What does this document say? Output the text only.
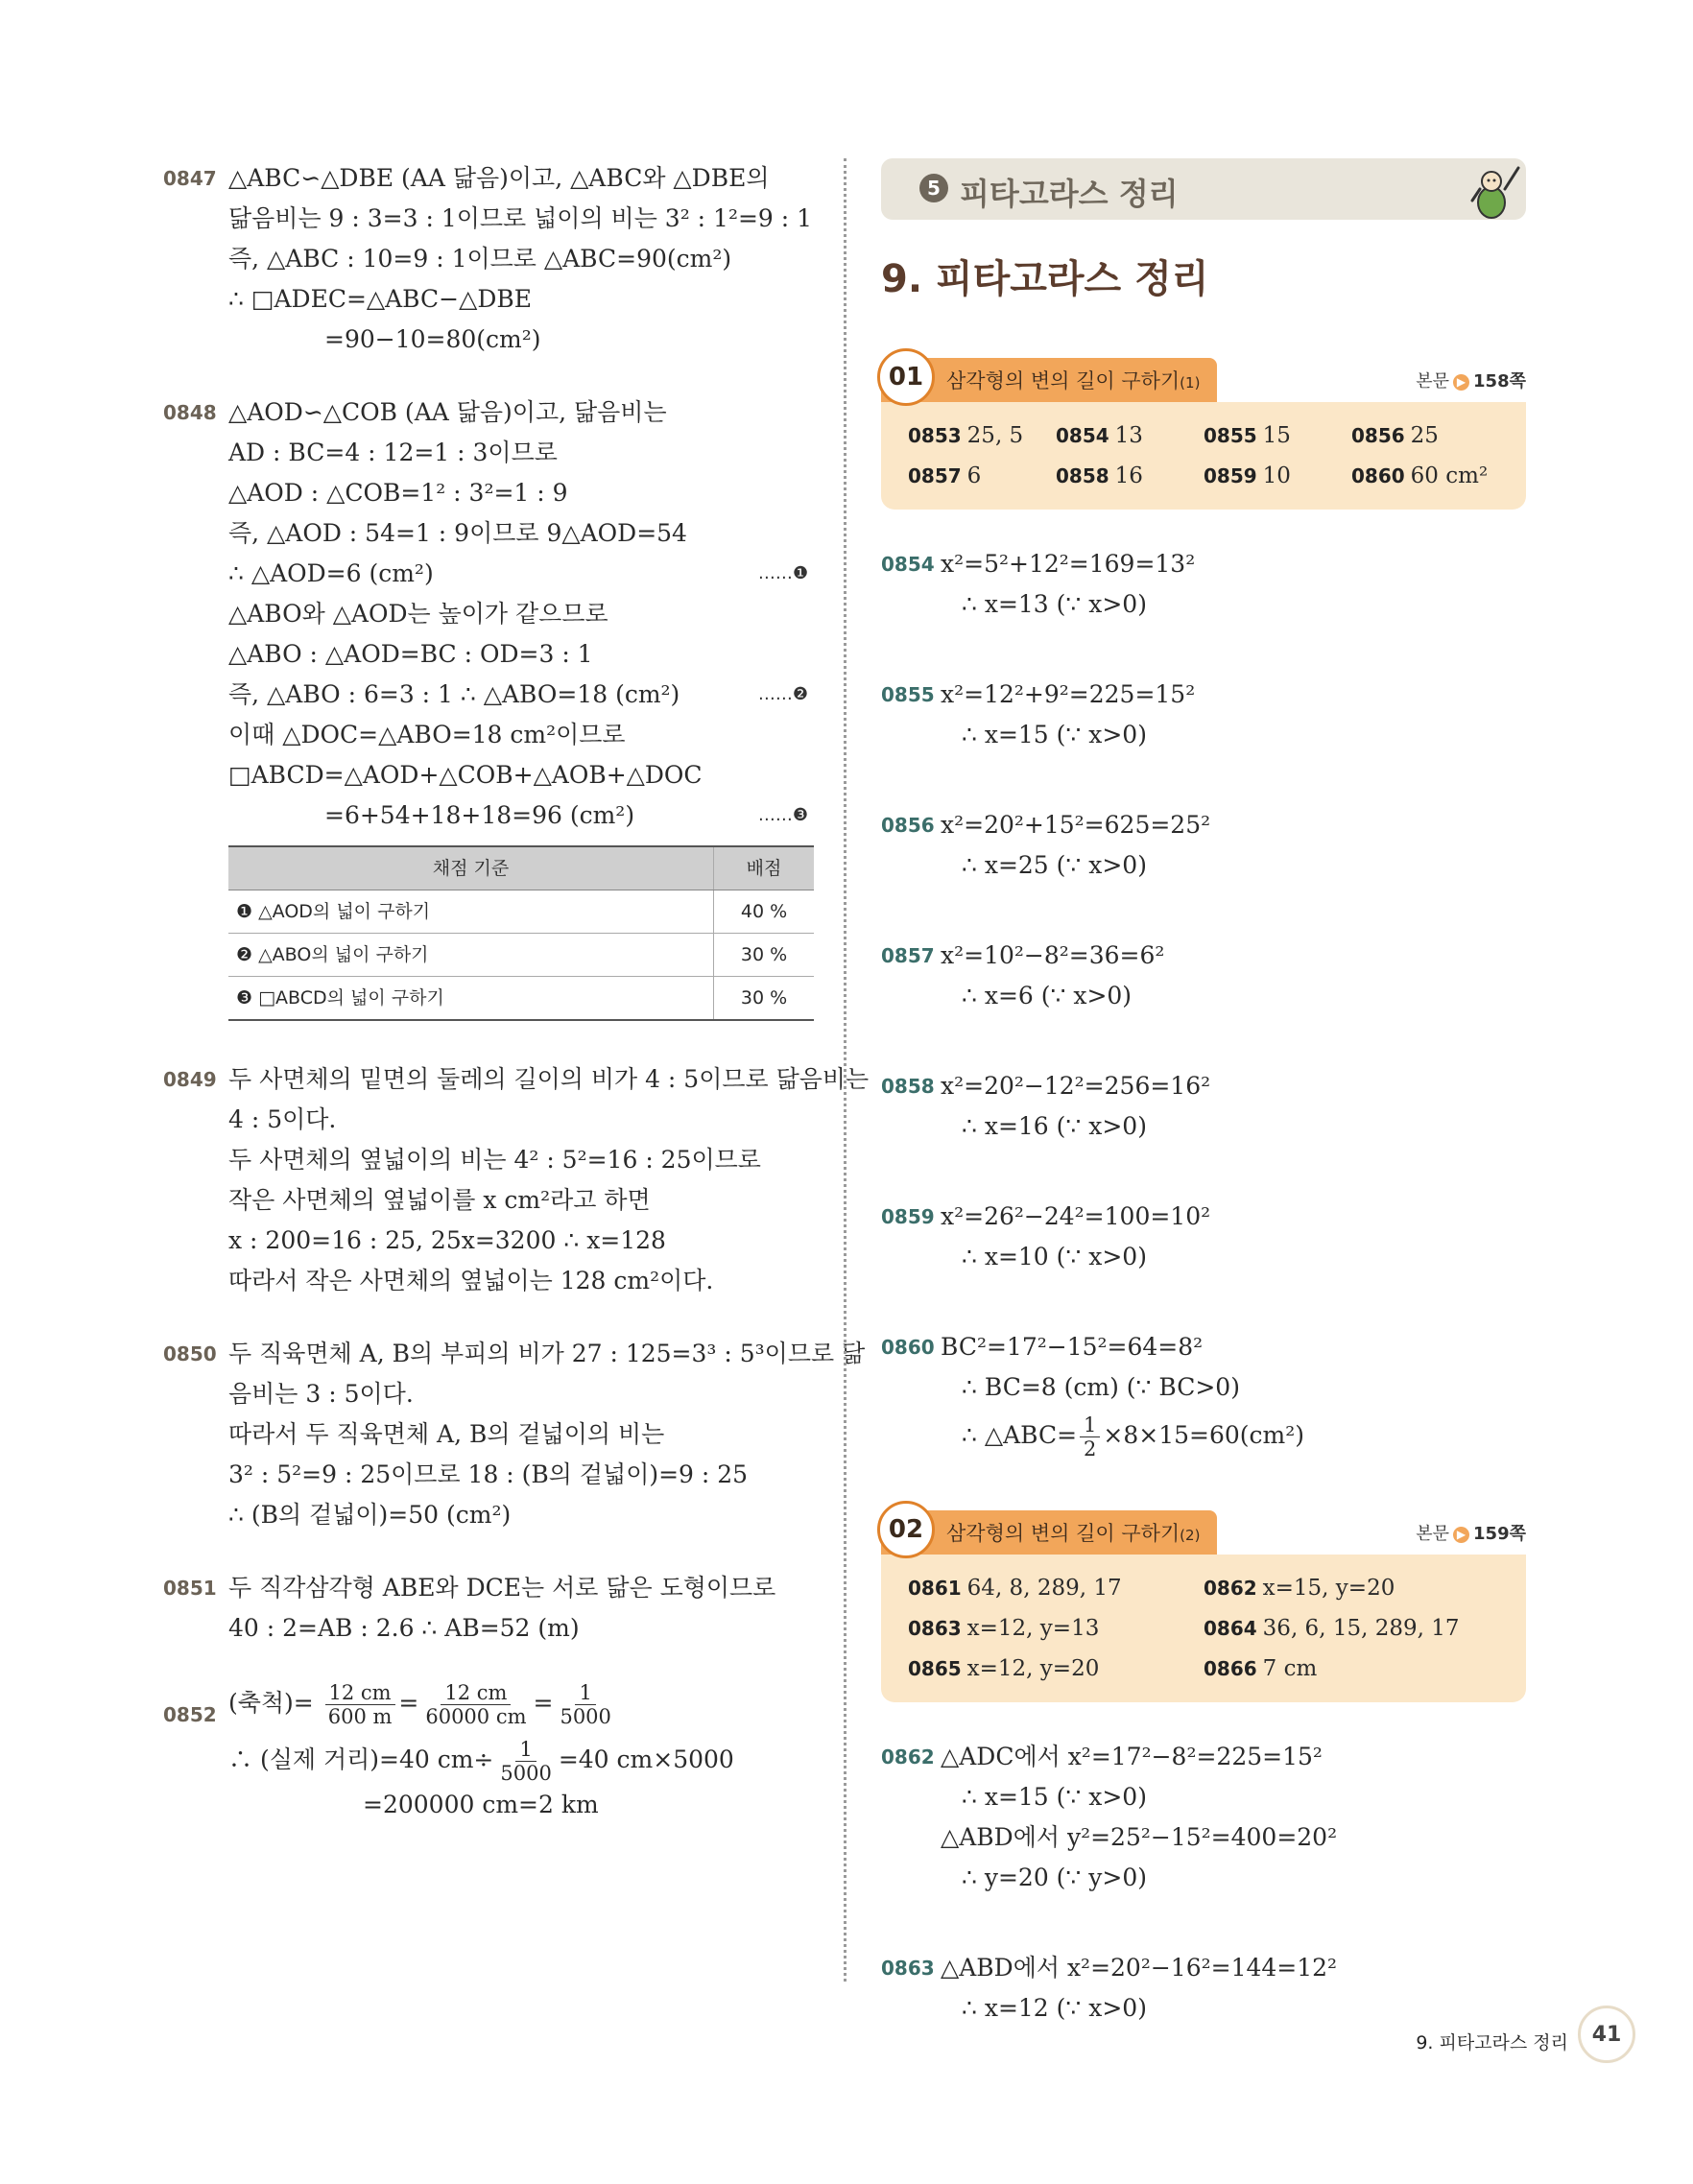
0847 △ABC∽△DBE (AA 닮음)이고, △ABC와 △DBE의
닮음비는 9 : 3=3 : 1이므로 넓이의 비는 3² : 1²=9 : 1
즉, △ABC : 10=9 : 1이므로 △ABC=90(cm²)
∴ □ADEC=△ABC−△DBE
=90−10=80(cm²)
0848 △AOD∽△COB (AA 닮음)이고, 닮음비는
AD : BC=4 : 12=1 : 3이므로
△AOD : △COB=1² : 3²=1 : 9
즉, △AOD : 54=1 : 9이므로 9△AOD=54
∴ △AOD=6 (cm²)	……❶
△ABO와 △AOD는 높이가 같으므로
△ABO : △AOD=BC : OD=3 : 1
즉, △ABO : 6=3 : 1 ∴ △ABO=18 (cm²)	……❷
이때 △DOC=△ABO=18 cm²이므로
□ABCD=△AOD+△COB+△AOB+△DOC
=6+54+18+18=96 (cm²)	……❸
채점 기준	배점
❶ △AOD의 넓이 구하기	40 %
❷ △ABO의 넓이 구하기	30 %
❸ □ABCD의 넓이 구하기	30 %
0849 두 사면체의 밑면의 둘레의 길이의 비가 4 : 5이므로 닮음비는
4 : 5이다.
두 사면체의 옆넓이의 비는 4² : 5²=16 : 25이므로
작은 사면체의 옆넓이를 x cm²라고 하면
x : 200=16 : 25, 25x=3200 ∴ x=128
따라서 작은 사면체의 옆넓이는 128 cm²이다.
0850 두 직육면체 A, B의 부피의 비가 27 : 125=3³ : 5³이므로 닮
음비는 3 : 5이다.
따라서 두 직육면체 A, B의 겉넓이의 비는
3² : 5²=9 : 25이므로 18 : (B의 겉넓이)=9 : 25
∴ (B의 겉넓이)=50 (cm²)
0851 두 직각삼각형 ABE와 DCE는 서로 닮은 도형이므로
40 : 2=AB : 2.6 ∴ AB=52 (m)
0852 (축척)= $\frac{12 cm}{600 m} = \frac{12 cm}{60000 cm} = \frac{1}{5000}$
∴ (실제 거리)=40 $cm\div \frac{1}{5000} =40$ cm×5000
=200000 cm=2 km
5 피타고라스 정리
9. 피타고라스 정리
01	삼각형의 변의 길이 구하기(1)	본문 ▶ 158쪽
0853 25, 5	0854 13	0855 15	0856 25
0857 6	0858 16	0859 10	0860 60 cm²
0854 x²=5²+12²=169=13²
∴ x=13 (∵ x>0)
0855 x²=12²+9²=225=15²
∴ x=15 (∵ x>0)
0856 x²=20²+15²=625=25²
∴ x=25 (∵ x>0)
0857 x²=10²−8²=36=6²
∴ x=6 (∵ x>0)
0858 x²=20²−12²=256=16²
∴ x=16 (∵ x>0)
0859 x²=26²−24²=100=10²
∴ x=10 (∵ x>0)
0860 BC²=17²−15²=64=8²
∴ BC=8 (cm) (∵ BC>0)
∴ △ABC= $\frac{1}{2} \times 8\times 15=60(cm^2)$
02	삼각형의 변의 길이 구하기(2)	본문 ▶ 159쪽
0861 64, 8, 289, 17	0862 x=15, y=20
0863 x=12, y=13	0864 36, 6, 15, 289, 17
0865 x=12, y=20	0866 7 cm
0862 △ADC에서 x²=17²−8²=225=15²
∴ x=15 (∵ x>0)
△ABD에서 y²=25²−15²=400=20²
∴ y=20 (∵ y>0)
0863 △ABD에서 x²=20²−16²=144=12²
∴ x=12 (∵ x>0)
9. 피타고라스 정리	41
